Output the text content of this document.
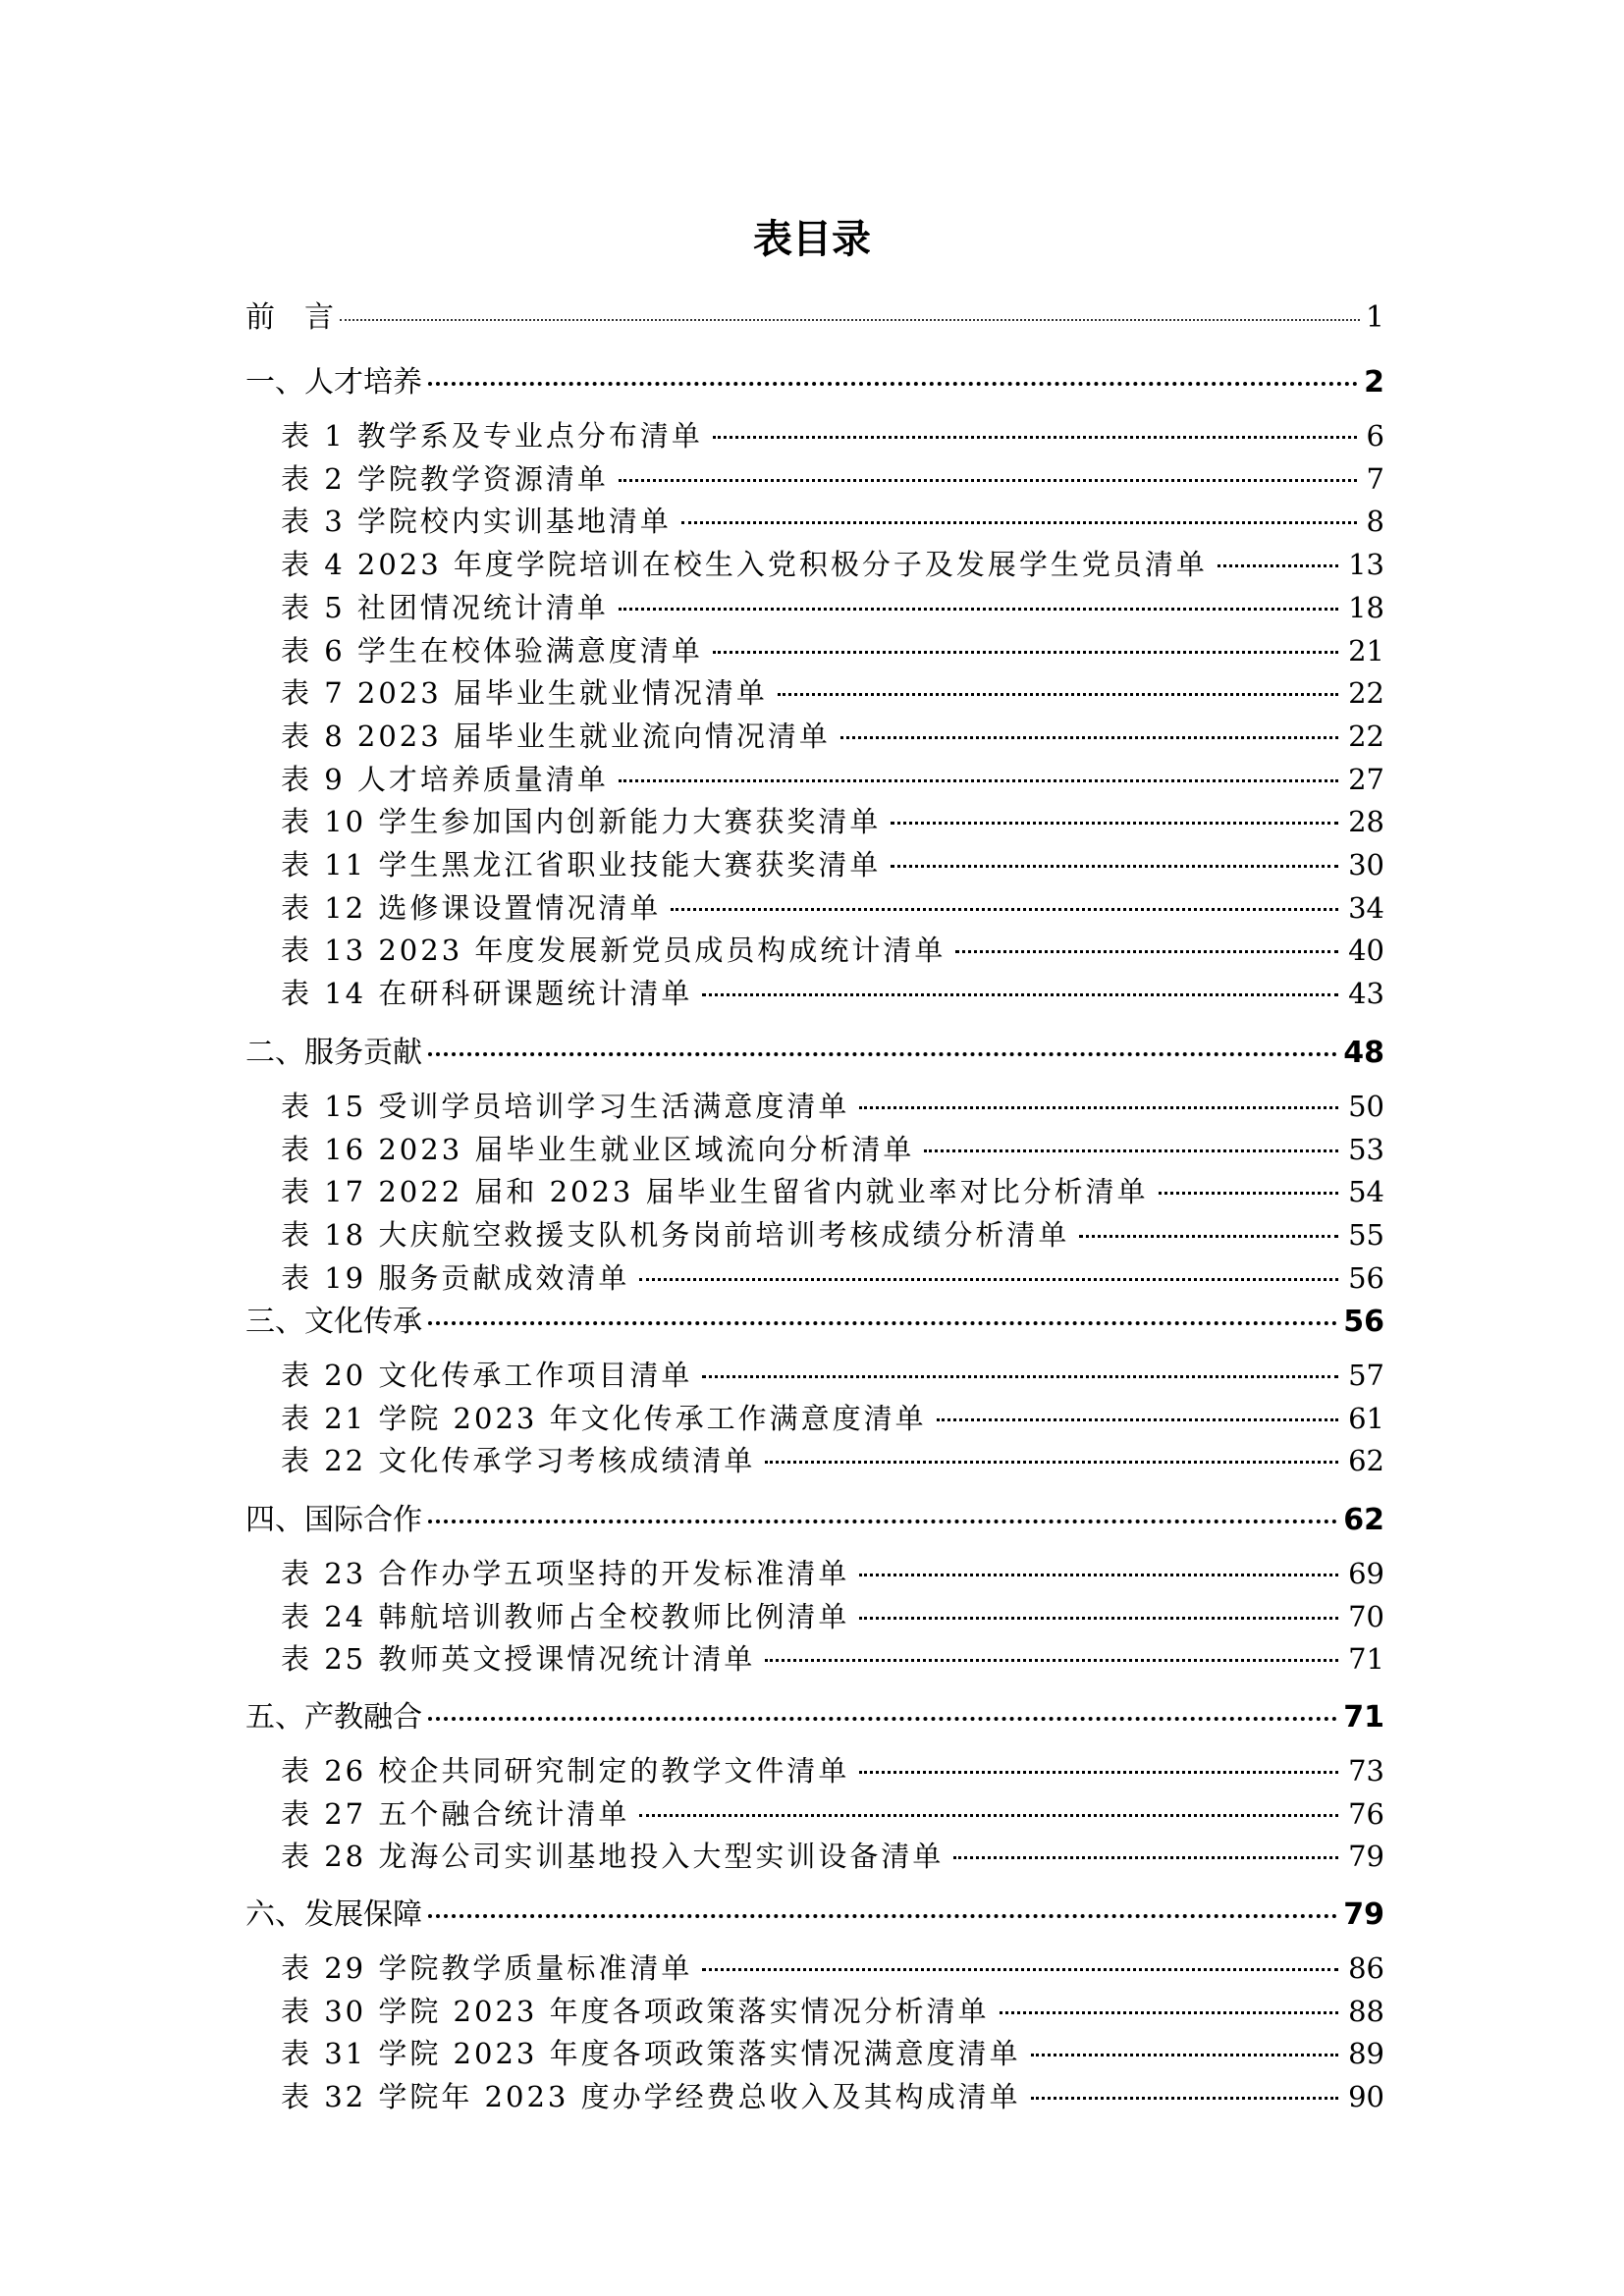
表目录
前　言	1
一、人才培养	2
表 1 教学系及专业点分布清单	6
表 2 学院教学资源清单	7
表 3 学院校内实训基地清单	8
表 4 2023 年度学院培训在校生入党积极分子及发展学生党员清单	13
表 5 社团情况统计清单	18
表 6 学生在校体验满意度清单	21
表 7 2023 届毕业生就业情况清单	22
表 8 2023 届毕业生就业流向情况清单	22
表 9 人才培养质量清单	27
表 10 学生参加国内创新能力大赛获奖清单	28
表 11 学生黑龙江省职业技能大赛获奖清单	30
表 12 选修课设置情况清单	34
表 13 2023 年度发展新党员成员构成统计清单	40
表 14 在研科研课题统计清单	43
二、服务贡献	48
表 15 受训学员培训学习生活满意度清单	50
表 16 2023 届毕业生就业区域流向分析清单	53
表 17 2022 届和 2023 届毕业生留省内就业率对比分析清单	54
表 18 大庆航空救援支队机务岗前培训考核成绩分析清单	55
表 19 服务贡献成效清单	56
三、文化传承	56
表 20 文化传承工作项目清单	57
表 21 学院 2023 年文化传承工作满意度清单	61
表 22 文化传承学习考核成绩清单	62
四、国际合作	62
表 23 合作办学五项坚持的开发标准清单	69
表 24 韩航培训教师占全校教师比例清单	70
表 25 教师英文授课情况统计清单	71
五、产教融合	71
表 26 校企共同研究制定的教学文件清单	73
表 27 五个融合统计清单	76
表 28 龙海公司实训基地投入大型实训设备清单	79
六、发展保障	79
表 29 学院教学质量标准清单	86
表 30 学院 2023 年度各项政策落实情况分析清单	88
表 31 学院 2023 年度各项政策落实情况满意度清单	89
表 32 学院年 2023 度办学经费总收入及其构成清单	90
